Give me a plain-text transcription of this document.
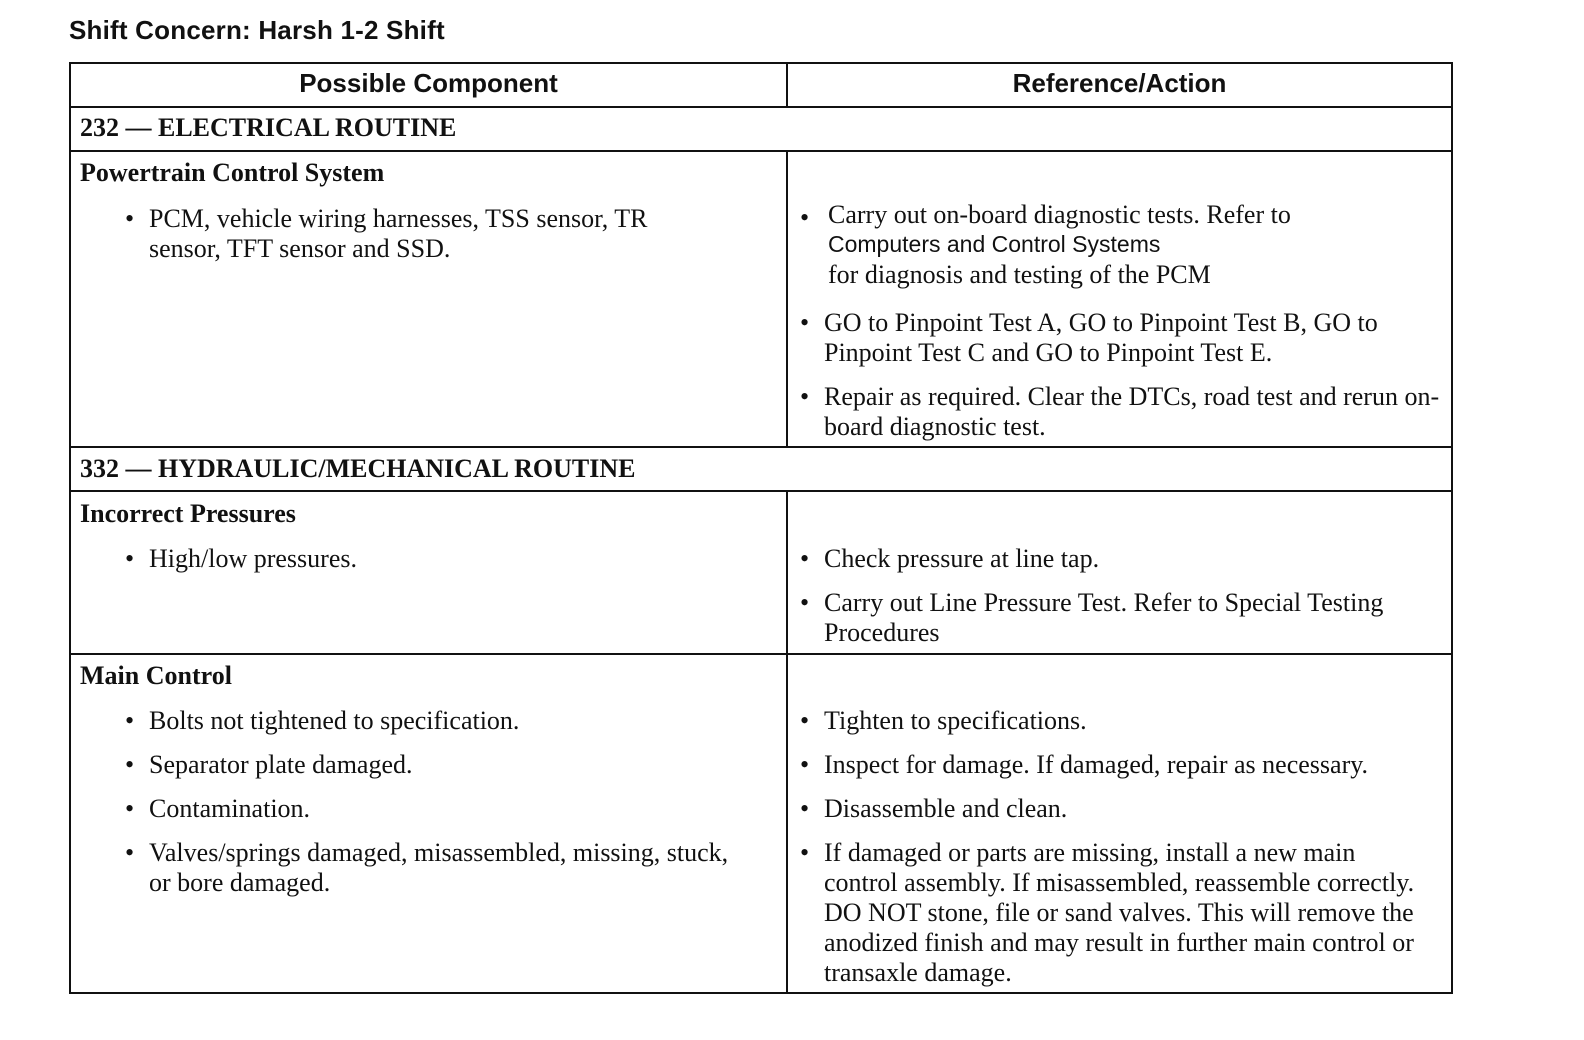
Shift Concern: Harsh 1-2 Shift
Possible Component	Reference/Action
232 — ELECTRICAL ROUTINE
Powertrain Control System
• PCM, vehicle wiring harnesses, TSS sensor, TR sensor, TFT sensor and SSD.
• Carry out on-board diagnostic tests. Refer to
Computers and Control Systems
for diagnosis and testing of the PCM
• GO to Pinpoint Test A, GO to Pinpoint Test B, GO to Pinpoint Test C and GO to Pinpoint Test E.
• Repair as required. Clear the DTCs, road test and rerun on-board diagnostic test.
332 — HYDRAULIC/MECHANICAL ROUTINE
Incorrect Pressures
• High/low pressures.	• Check pressure at line tap.
• Carry out Line Pressure Test. Refer to Special Testing Procedures
Main Control
• Bolts not tightened to specification.
• Separator plate damaged.
• Contamination.
• Valves/springs damaged, misassembled, missing, stuck, or bore damaged.
• Tighten to specifications.
• Inspect for damage. If damaged, repair as necessary.
• Disassemble and clean.
• If damaged or parts are missing, install a new main control assembly. If misassembled, reassemble correctly. DO NOT stone, file or sand valves. This will remove the anodized finish and may result in further main control or transaxle damage.
